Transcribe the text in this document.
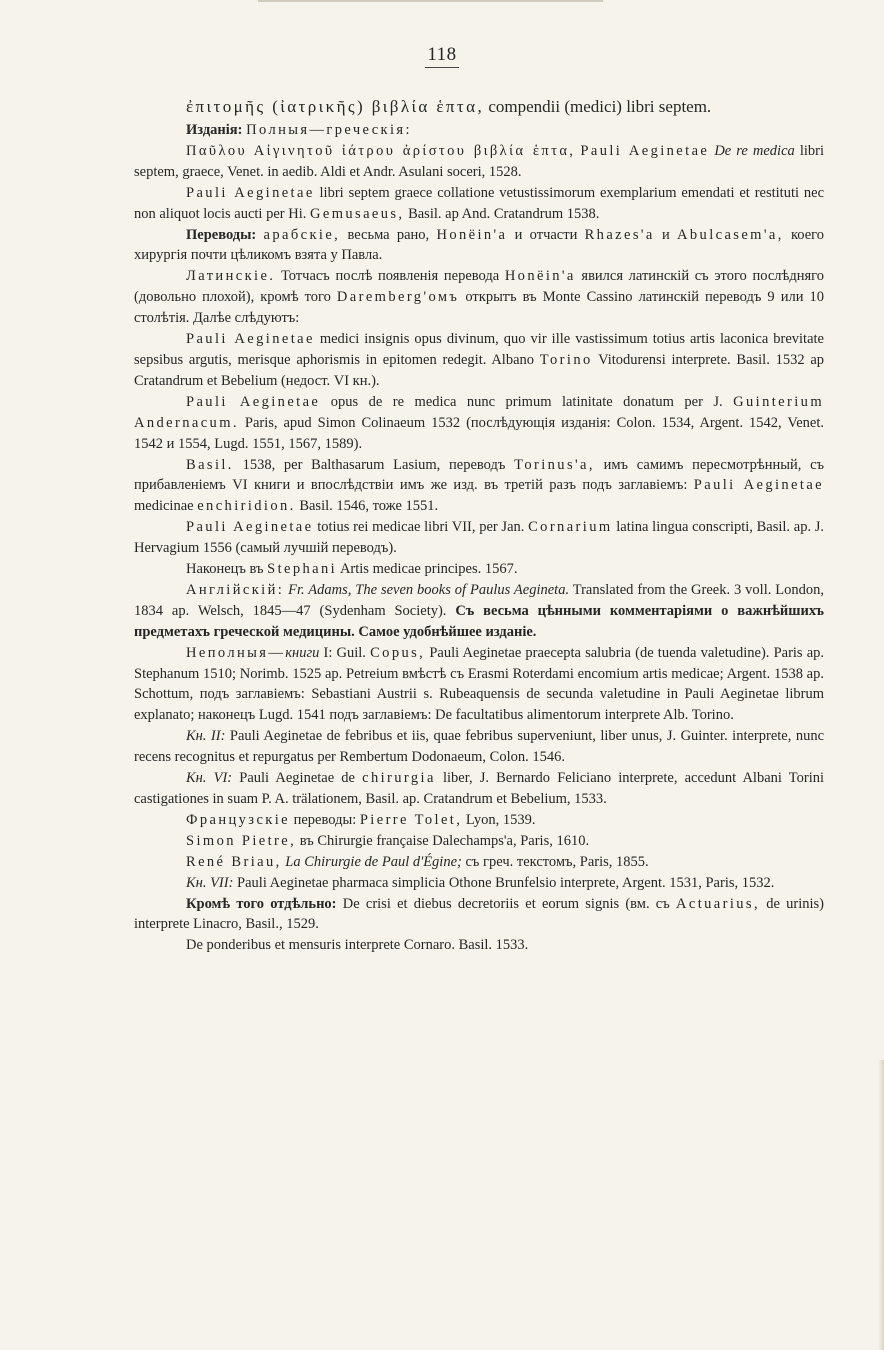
118

ἐπιτομῆς (ἰατρικῆς) βιβλία ἑπτα, compendii (medici) libri septem.

Изданія: Полныя—греческія:

Παῦλου Αἰγινητοῦ ἰάτρου ἀρίστου βιβλία ἑπτα, Pauli Aeginetae De re medica libri septem, graece, Venet. in aedib. Aldi et Andr. Asulani soceri, 1528.

Pauli Aeginetae libri septem graece collatione vetustissimorum exemplarium emendati et restituti nec non aliquot locis aucti per Hi. Gemusaeus, Basil. ap And. Cratandrum 1538.

Переводы: арабскіе, весьма рано, Honëin'a и отчасти Rhazes'a и Abulcasem'a, коего хирургія почти цѣликомъ взята у Павла.

Латинскіе. Тотчасъ послѣ появленія перевода Honëin'a явился латинскій съ этого послѣдняго (довольно плохой), кромѣ того Daremberg'омъ открытъ въ Monte Cassino латинскій переводъ 9 или 10 столѣтія. Далѣе слѣдуютъ:

Pauli Aeginetae medici insignis opus divinum, quo vir ille vastissimum totius artis laconica brevitate sepsibus argutis, merisque aphorismis in epitomen redegit. Albano Torino Vitodurensi interprete. Basil. 1532 ap Cratandrum et Bebelium (недост. VI кн.).

Pauli Aeginetae opus de re medica nunc primum latinitate donatum per J. Guinterium Andernacum. Paris, apud Simon Colinaeum 1532 (послѣдующія изданія: Colon. 1534, Argent. 1542, Venet. 1542 и 1554, Lugd. 1551, 1567, 1589).

Basil. 1538, per Balthasarum Lasium, переводъ Torinus'a, имъ самимъ пересмотрѣнный, съ прибавленіемъ VI книги и впослѣдствіи имъ же изд. въ третій разъ подъ заглавіемъ: Pauli Aeginetae medicinae enchiridion. Basil. 1546, тоже 1551.

Pauli Aeginetae totius rei medicae libri VII, per Jan. Cornarium latina lingua conscripti, Basil. ap. J. Hervagium 1556 (самый лучшій переводъ).

Наконецъ въ Stephani Artis medicae principes. 1567.

Англійскій: Fr. Adams, The seven books of Paulus Aegineta. Translated from the Greek. 3 voll. London, 1834 ap. Welsch, 1845—47 (Sydenham Society). Съ весьма цѣнными комментаріями о важнѣйшихъ предметахъ греческой медицины. Самое удобнѣйшее изданіе.

Неполныя—книги I: Guil. Copus, Pauli Aeginetae praecepta salubria (de tuenda valetudine). Paris ap. Stephanum 1510; Norimb. 1525 ap. Petreium вмѣстѣ съ Erasmi Roterdami encomium artis medicae; Argent. 1538 ap. Schottum, подъ заглавіемъ: Sebastiani Austrii s. Rubeaquensis de secunda valetudine in Pauli Aeginetae librum explanato; наконецъ Lugd. 1541 подъ заглавіемъ: De facultatibus alimentorum interprete Alb. Torino.

Кн. II: Pauli Aeginetae de febribus et iis, quae febribus superveniunt, liber unus, J. Guinter. interprete, nunc recens recognitus et repurgatus per Rembertum Dodonaeum, Colon. 1546.

Кн. VI: Pauli Aeginetae de chirurgia liber, J. Bernardo Feliciano interprete, accedunt Albani Torini castigationes in suam P. A. trälationem, Basil. ap. Cratandrum et Bebelium, 1533.

Французскіе переводы: Pierre Tolet, Lyon, 1539.

Simon Pietre, въ Chirurgie française Dalechamps'a, Paris, 1610.

René Briau, La Chirurgie de Paul d'Égine; съ греч. текстомъ, Paris, 1855.

Кн. VII: Pauli Aeginetae pharmaca simplicia Othone Brunfelsio interprete, Argent. 1531, Paris, 1532.

Кромѣ того отдѣльно: De crisi et diebus decretoriis et eorum signis (вм. съ Actuarius, de urinis) interprete Linacro, Basil., 1529.

De ponderibus et mensuris interprete Cornaro. Basil. 1533.
